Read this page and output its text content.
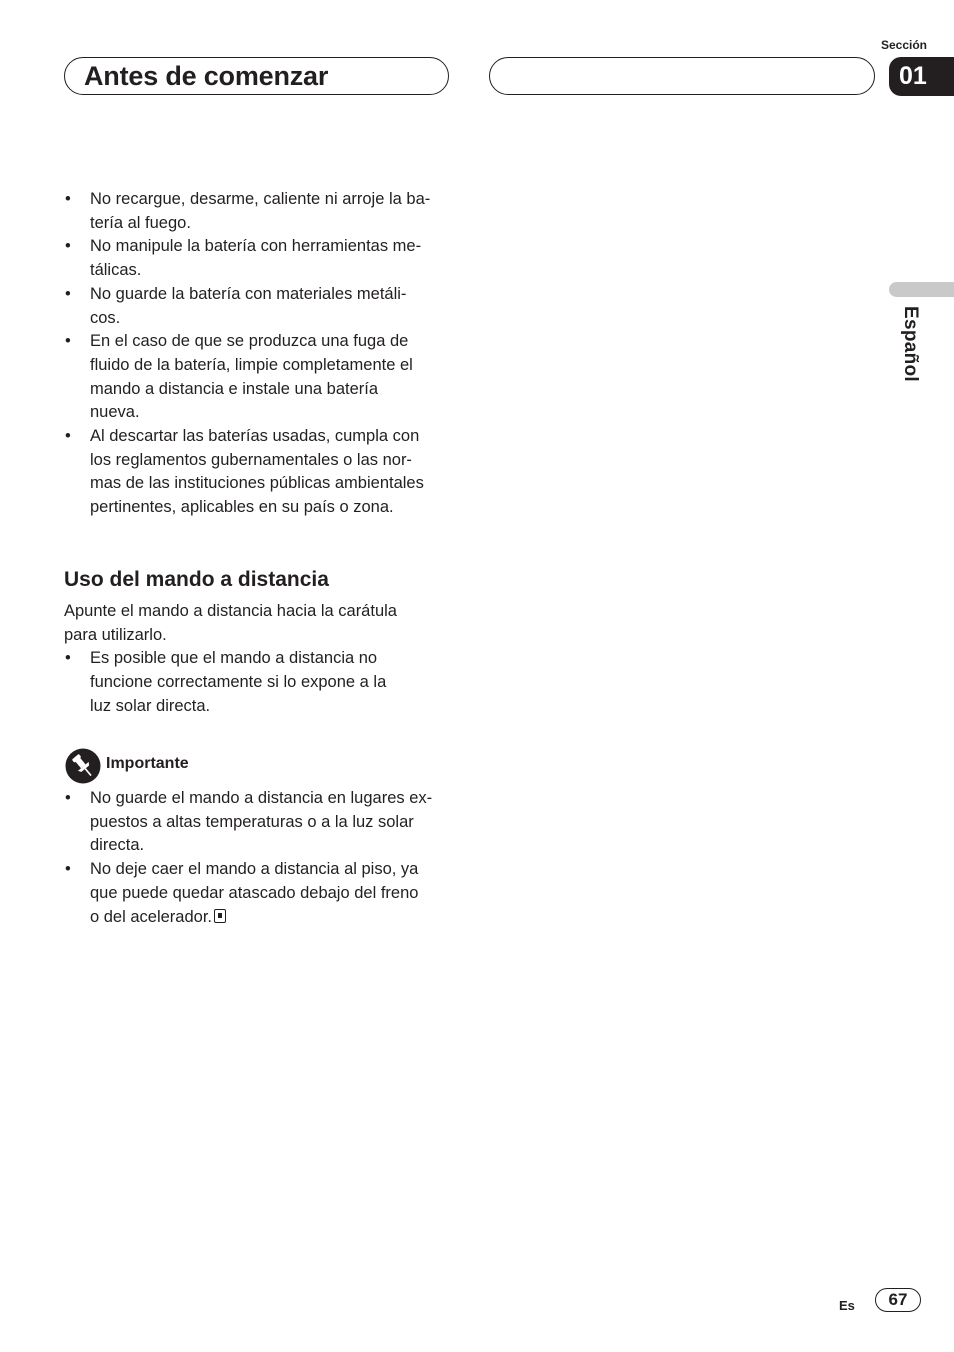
Antes de comenzar
Sección
01
Español
• No recargue, desarme, caliente ni arroje la ba-
tería al fuego.
• No manipule la batería con herramientas me-
tálicas.
• No guarde la batería con materiales metáli-
cos.
• En el caso de que se produzca una fuga de
fluido de la batería, limpie completamente el
mando a distancia e instale una batería
nueva.
• Al descartar las baterías usadas, cumpla con
los reglamentos gubernamentales o las nor-
mas de las instituciones públicas ambientales
pertinentes, aplicables en su país o zona.
Uso del mando a distancia
Apunte el mando a distancia hacia la carátula
para utilizarlo.
• Es posible que el mando a distancia no
funcione correctamente si lo expone a la
luz solar directa.
Importante
• No guarde el mando a distancia en lugares ex-
puestos a altas temperaturas o a la luz solar
directa.
• No deje caer el mando a distancia al piso, ya
que puede quedar atascado debajo del freno
o del acelerador.
Es	67
